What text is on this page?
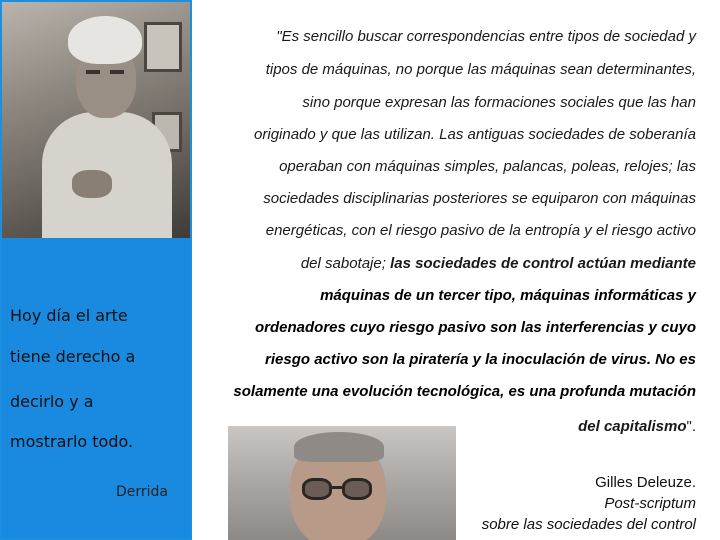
Hoy día el arte
tiene derecho a
decirlo y a
mostrarlo todo.
Derrida
"Es sencillo buscar correspondencias entre tipos de sociedad y
tipos de máquinas, no porque las máquinas sean determinantes,
sino porque expresan las formaciones sociales que las han
originado y que las utilizan. Las antiguas sociedades de soberanía
operaban con máquinas simples, palancas, poleas, relojes; las
sociedades disciplinarias posteriores se equiparon con máquinas
energéticas, con el riesgo pasivo de la entropía y el riesgo activo
del sabotaje; las sociedades de control actúan mediante
máquinas de un tercer tipo, máquinas informáticas y
ordenadores cuyo riesgo pasivo son las interferencias y cuyo
riesgo activo son la piratería y la inoculación de virus. No es
solamente una evolución tecnológica, es una profunda mutación
del capitalismo".
Gilles Deleuze.
Post-scriptum
sobre las sociedades del control
